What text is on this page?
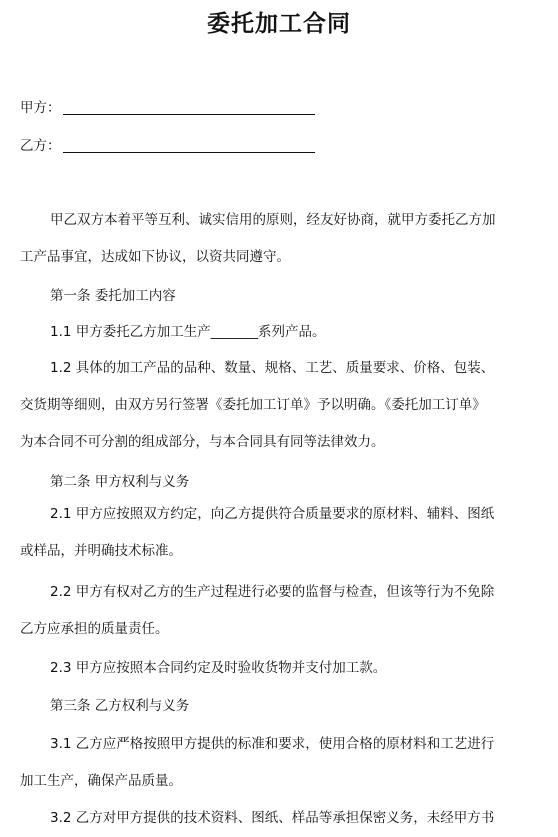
委托加工合同
甲方：
乙方：
甲乙双方本着平等互利、诚实信用的原则，经友好协商，就甲方委托乙方加
工产品事宜，达成如下协议，以资共同遵守。
第一条 委托加工内容
1.1 甲方委托乙方加工生产_______系列产品。
1.2 具体的加工产品的品种、数量、规格、工艺、质量要求、价格、包装、
交货期等细则，由双方另行签署《委托加工订单》予以明确。《委托加工订单》
为本合同不可分割的组成部分，与本合同具有同等法律效力。
第二条 甲方权利与义务
2.1 甲方应按照双方约定，向乙方提供符合质量要求的原材料、辅料、图纸
或样品，并明确技术标准。
2.2 甲方有权对乙方的生产过程进行必要的监督与检查，但该等行为不免除
乙方应承担的质量责任。
2.3 甲方应按照本合同约定及时验收货物并支付加工款。
第三条 乙方权利与义务
3.1 乙方应严格按照甲方提供的标准和要求，使用合格的原材料和工艺进行
加工生产，确保产品质量。
3.2 乙方对甲方提供的技术资料、图纸、样品等承担保密义务，未经甲方书
